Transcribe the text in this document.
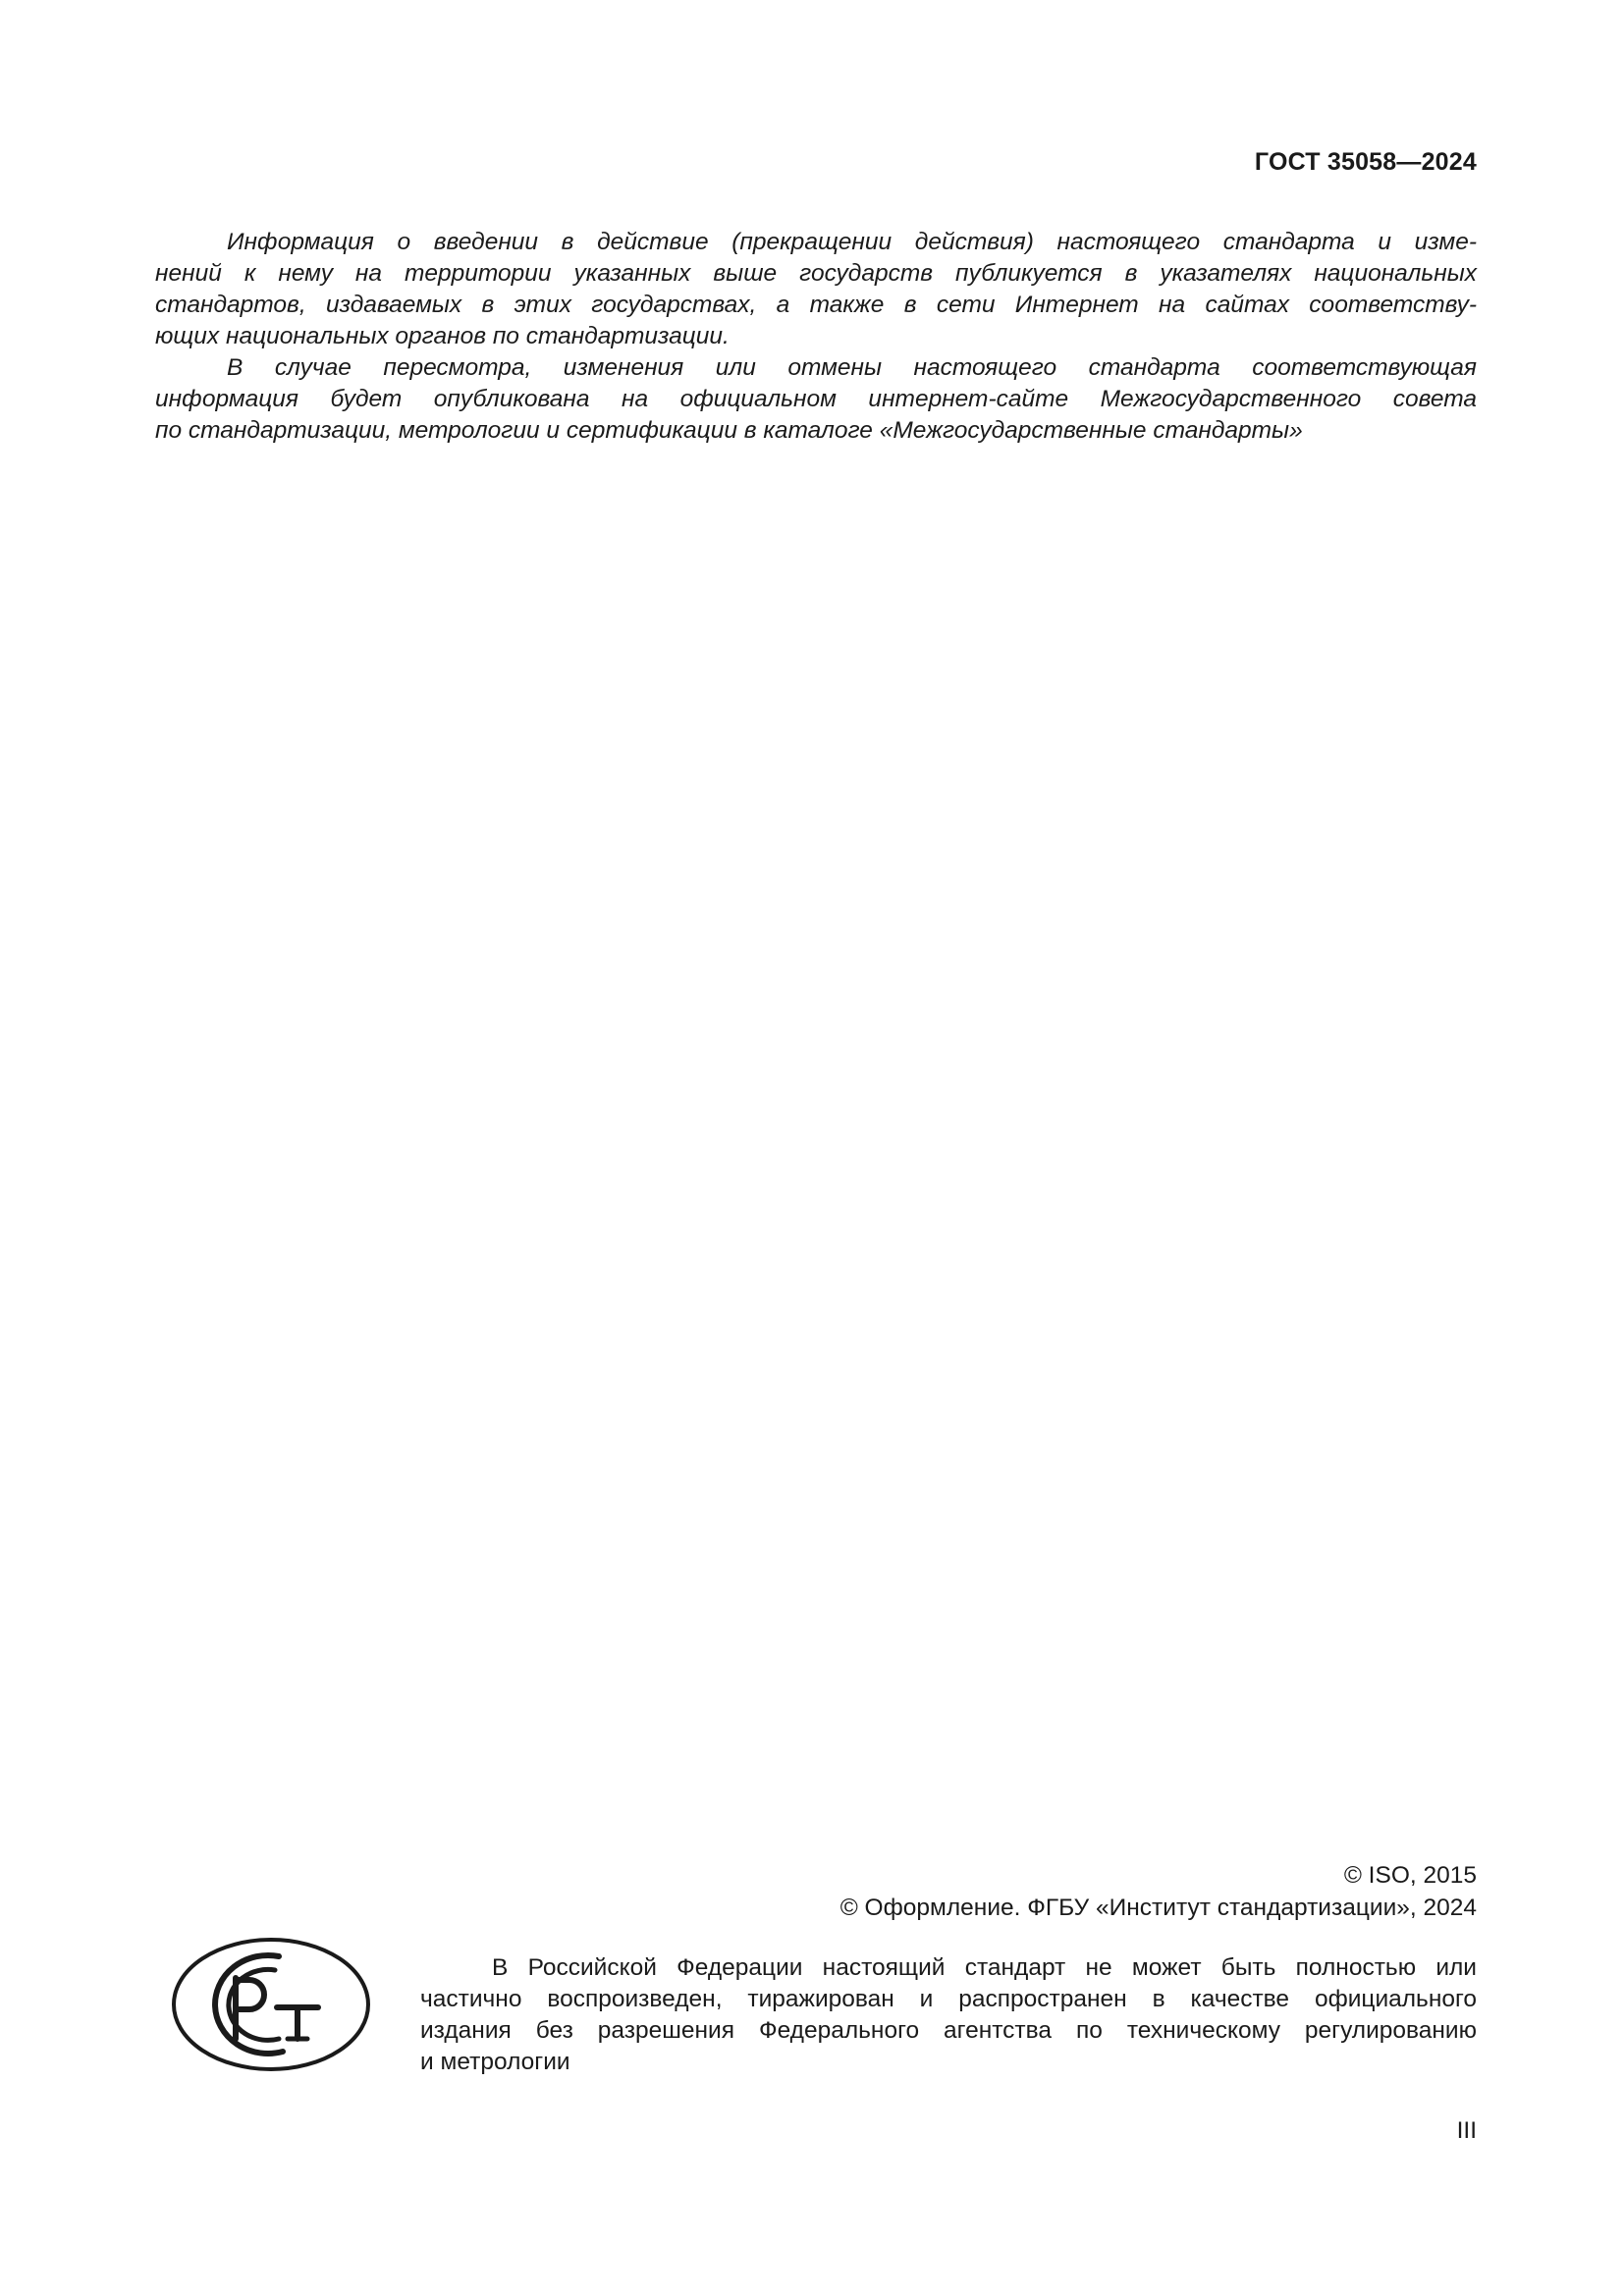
ГОСТ 35058—2024

Информация о введении в действие (прекращении действия) настоящего стандарта и изме-
нений к нему на территории указанных выше государств публикуется в указателях национальных
стандартов, издаваемых в этих государствах, а также в сети Интернет на сайтах соответству-
ющих национальных органов по стандартизации.

В случае пересмотра, изменения или отмены настоящего стандарта соответствующая
информация будет опубликована на официальном интернет-сайте Межгосударственного совета
по стандартизации, метрологии и сертификации в каталоге «Межгосударственные стандарты»

© ISO, 2015
© Оформление. ФГБУ «Институт стандартизации», 2024
В Российской Федерации настоящий стандарт не может быть полностью или
частично воспроизведен, тиражирован и распространен в качестве официального
издания без разрешения Федерального агентства по техническому регулированию
и метрологии
III
